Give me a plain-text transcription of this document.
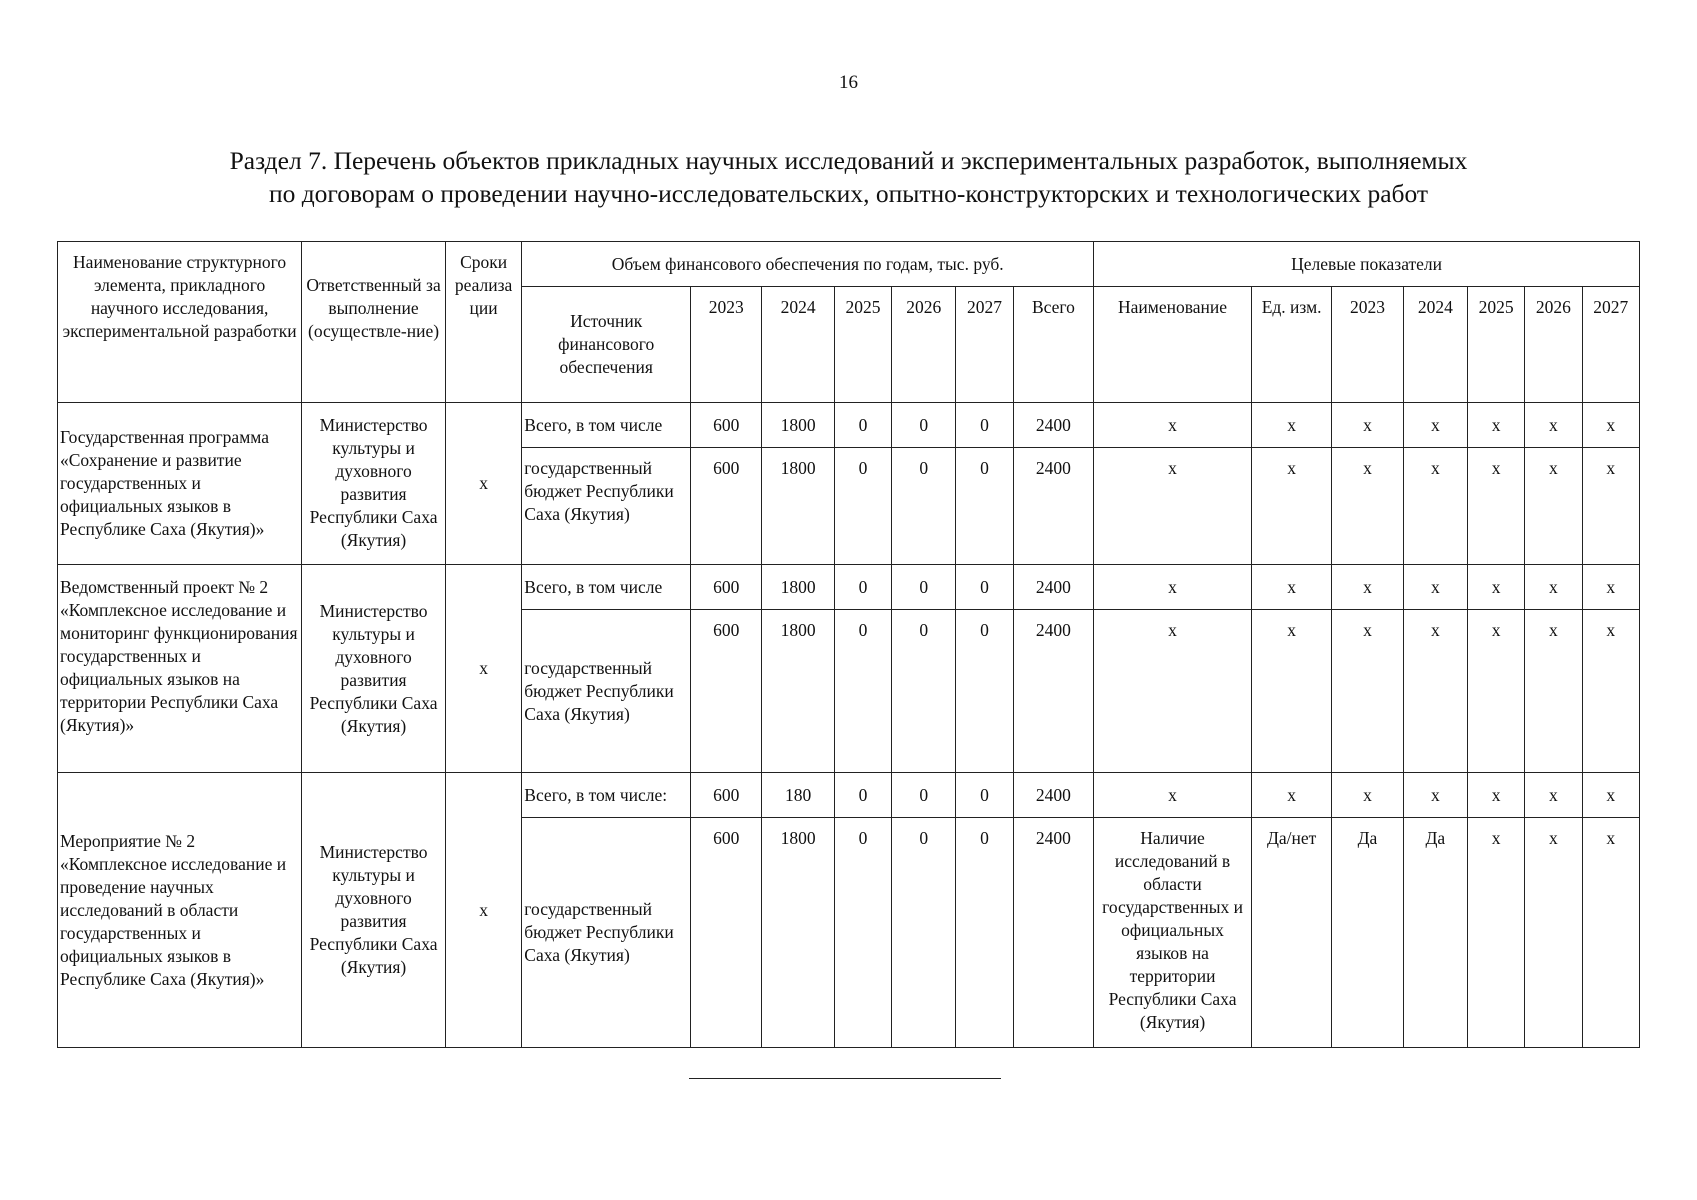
16
Раздел 7. Перечень объектов прикладных научных исследований и экспериментальных разработок, выполняемых
по договорам о проведении научно-исследовательских, опытно-конструкторских и технологических работ
Наименование структурного элемента, прикладного научного исследования, экспериментальной разработки	Ответственный за выполнение (осуществле-ние)	Сроки реализа ции	Объем финансового обеспечения по годам, тыс. руб.							Целевые показатели						
			Источник финансового обеспечения	2023	2024	2025	2026	2027	Всего	Наименование	Ед. изм.	2023	2024	2025	2026	2027
Государственная программа «Сохранение и развитие государственных и официальных языков в Республике Саха (Якутия)»	Министерство культуры и духовного развития Республики Саха (Якутия)	х	Всего, в том числе	600	1800	0	0	0	2400	х	х	х	х	х	х	х
			государственный бюджет Республики Саха (Якутия)	600	1800	0	0	0	2400	х	х	х	х	х	х	х
Ведомственный проект № 2 «Комплексное исследование и мониторинг функционирования государственных и официальных языков на территории Республики Саха (Якутия)»	Министерство культуры и духовного развития Республики Саха (Якутия)	х	Всего, в том числе	600	1800	0	0	0	2400	х	х	х	х	х	х	х
			государственный бюджет Республики Саха (Якутия)	600	1800	0	0	0	2400	х	х	х	х	х	х	х
Мероприятие № 2 «Комплексное исследование и проведение научных исследований в области государственных и официальных языков в Республике Саха (Якутия)»	Министерство культуры и духовного развития Республики Саха (Якутия)	х	Всего, в том числе:	600	180	0	0	0	2400	х	х	х	х	х	х	х
			государственный бюджет Республики Саха (Якутия)	600	1800	0	0	0	2400	Наличие исследований в области государственных и официальных языков на территории Республики Саха (Якутия)	Да/нет	Да	Да	х	х	х
